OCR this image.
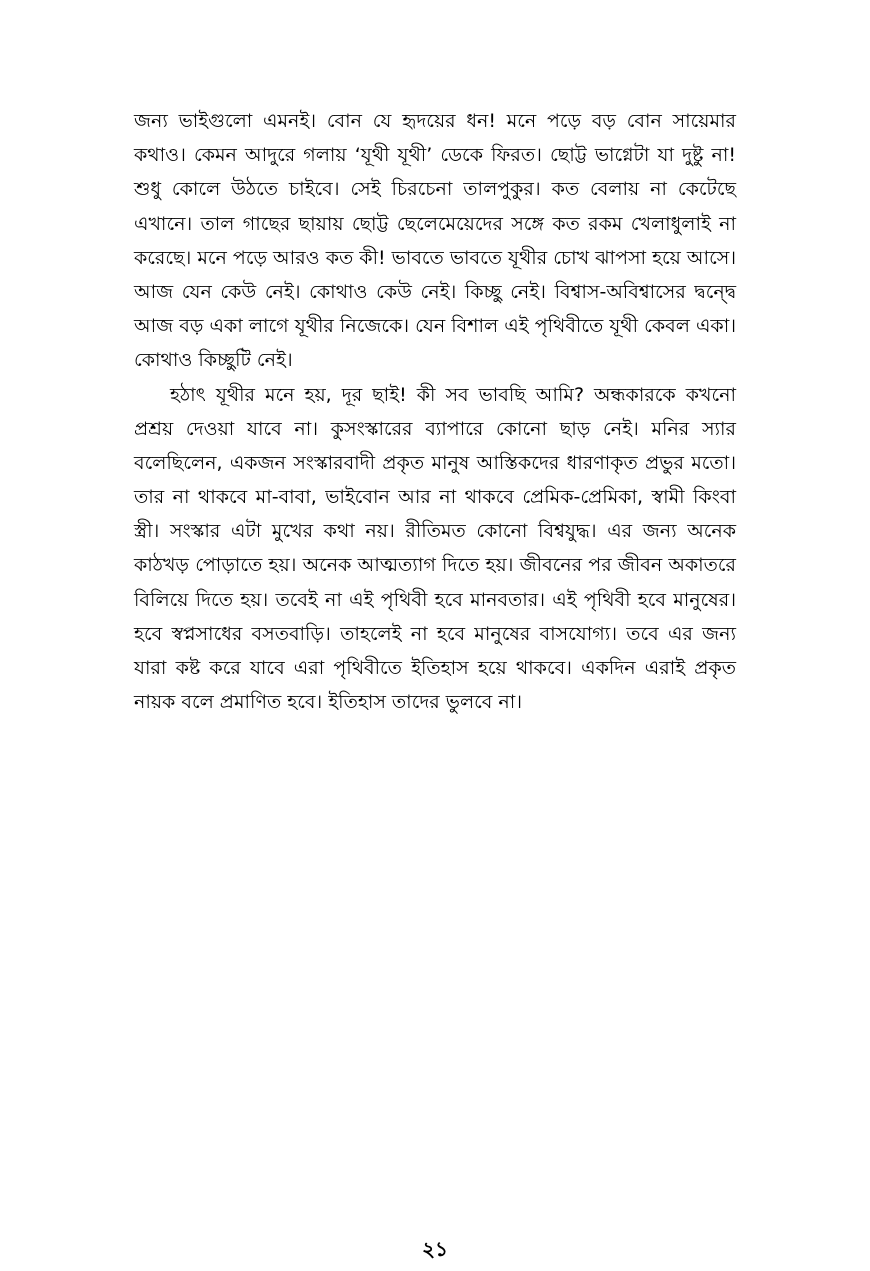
জন্য ভাইগুলো এমনই। বোন যে হৃদয়ের ধন! মনে পড়ে বড় বোন সায়েমার
কথাও। কেমন আদুরে গলায় ‘যূথী যূথী’ ডেকে ফিরত। ছোট্ট ভাগ্নেটা যা দুষ্টু না!
শুধু কোলে উঠতে চাইবে। সেই চিরচেনা তালপুকুর। কত বেলায় না কেটেছে
এখানে। তাল গাছের ছায়ায় ছোট্ট ছেলেমেয়েদের সঙ্গে কত রকম খেলাধুলাই না
করেছে। মনে পড়ে আরও কত কী! ভাবতে ভাবতে যূথীর চোখ ঝাপসা হয়ে আসে।
আজ যেন কেউ নেই। কোথাও কেউ নেই। কিচ্ছু নেই। বিশ্বাস-অবিশ্বাসের দ্বন্দ্বে
আজ বড় একা লাগে যূথীর নিজেকে। যেন বিশাল এই পৃথিবীতে যূথী কেবল একা।
কোথাও কিচ্ছুটি নেই।
হঠাৎ যূথীর মনে হয়, দূর ছাই! কী সব ভাবছি আমি? অন্ধকারকে কখনো
প্রশ্রয় দেওয়া যাবে না। কুসংস্কারের ব্যাপারে কোনো ছাড় নেই। মনির স্যার
বলেছিলেন, একজন সংস্কারবাদী প্রকৃত মানুষ আস্তিকদের ধারণাকৃত প্রভুর মতো।
তার না থাকবে মা-বাবা, ভাইবোন আর না থাকবে প্রেমিক-প্রেমিকা, স্বামী কিংবা
স্ত্রী। সংস্কার এটা মুখের কথা নয়। রীতিমত কোনো বিশ্বযুদ্ধ। এর জন্য অনেক
কাঠখড় পোড়াতে হয়। অনেক আত্মত্যাগ দিতে হয়। জীবনের পর জীবন অকাতরে
বিলিয়ে দিতে হয়। তবেই না এই পৃথিবী হবে মানবতার। এই পৃথিবী হবে মানুষের।
হবে স্বপ্নসাধের বসতবাড়ি। তাহলেই না হবে মানুষের বাসযোগ্য। তবে এর জন্য
যারা কষ্ট করে যাবে এরা পৃথিবীতে ইতিহাস হয়ে থাকবে। একদিন এরাই প্রকৃত
নায়ক বলে প্রমাণিত হবে। ইতিহাস তাদের ভুলবে না।
২১
